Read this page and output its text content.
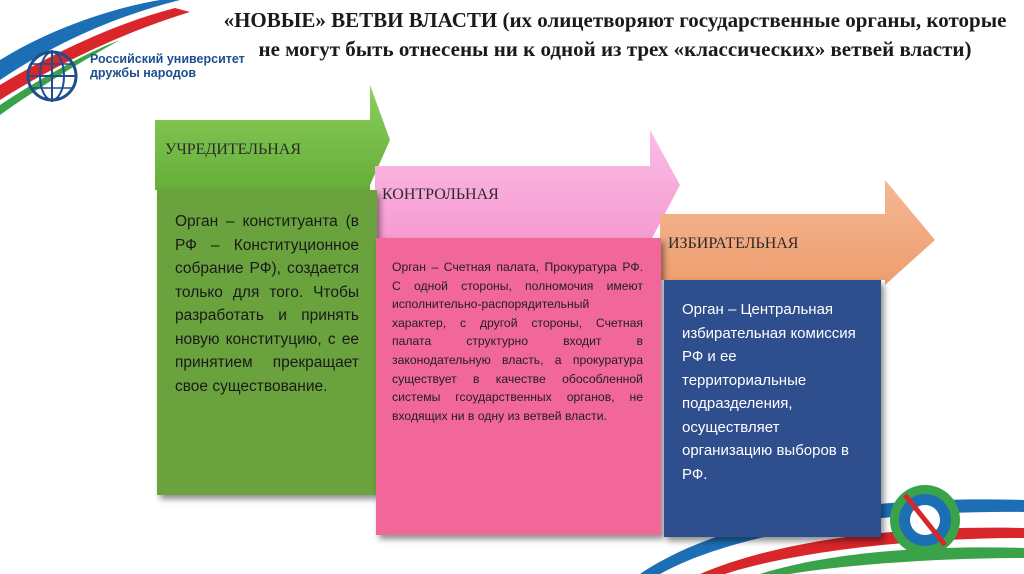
Российский университет
дружбы народов
«НОВЫЕ» ВЕТВИ ВЛАСТИ (их олицетворяют государственные органы, которые не могут быть отнесены ни к одной из трех «классических» ветвей власти)
УЧРЕДИТЕЛЬНАЯ
КОНТРОЛЬНАЯ
ИЗБИРАТЕЛЬНАЯ

Орган – конституанта (в РФ – Конституционное собрание РФ), создается только для того. Чтобы разработать и принять новую конституцию, с ее принятием прекращает свое существование.

Орган – Счетная палата, Прокуратура РФ. С одной стороны, полномочия имеют исполнительно-распорядительный характер, с другой стороны, Счетная палата структурно входит в законодательную власть, а прокуратура существует в качестве обособленной системы гсоударственных органов, не входящих ни в одну из ветвей власти.

Орган – Центральная избирательная комиссия РФ и ее территориальные подразделения, осуществляет организацию выборов в РФ.
